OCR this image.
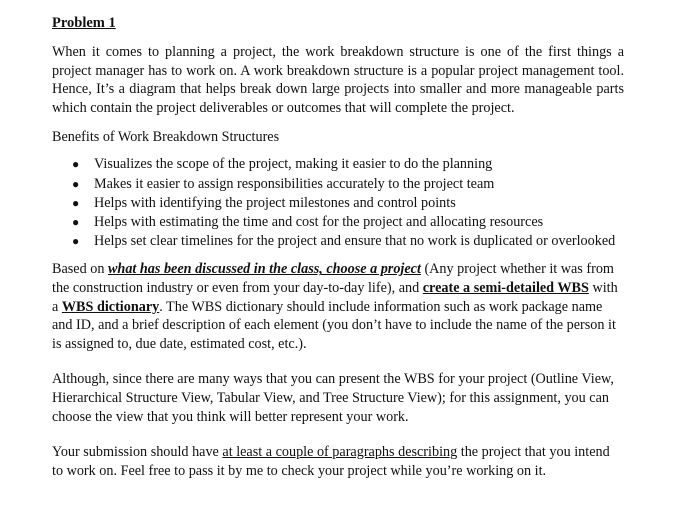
Problem 1

When it comes to planning a project, the work breakdown structure is one of the first things a project manager has to work on. A work breakdown structure is a popular project management tool. Hence, It’s a diagram that helps break down large projects into smaller and more manageable parts which contain the project deliverables or outcomes that will complete the project.

Benefits of Work Breakdown Structures
● Visualizes the scope of the project, making it easier to do the planning
● Makes it easier to assign responsibilities accurately to the project team
● Helps with identifying the project milestones and control points
● Helps with estimating the time and cost for the project and allocating resources
● Helps set clear timelines for the project and ensure that no work is duplicated or overlooked

Based on what has been discussed in the class, choose a project (Any project whether it was from the construction industry or even from your day-to-day life), and create a semi-detailed WBS with a WBS dictionary. The WBS dictionary should include information such as work package name and ID, and a brief description of each element (you don’t have to include the name of the person it is assigned to, due date, estimated cost, etc.).

Although, since there are many ways that you can present the WBS for your project (Outline View, Hierarchical Structure View, Tabular View, and Tree Structure View); for this assignment, you can choose the view that you think will better represent your work.

Your submission should have at least a couple of paragraphs describing the project that you intend to work on. Feel free to pass it by me to check your project while you’re working on it.
